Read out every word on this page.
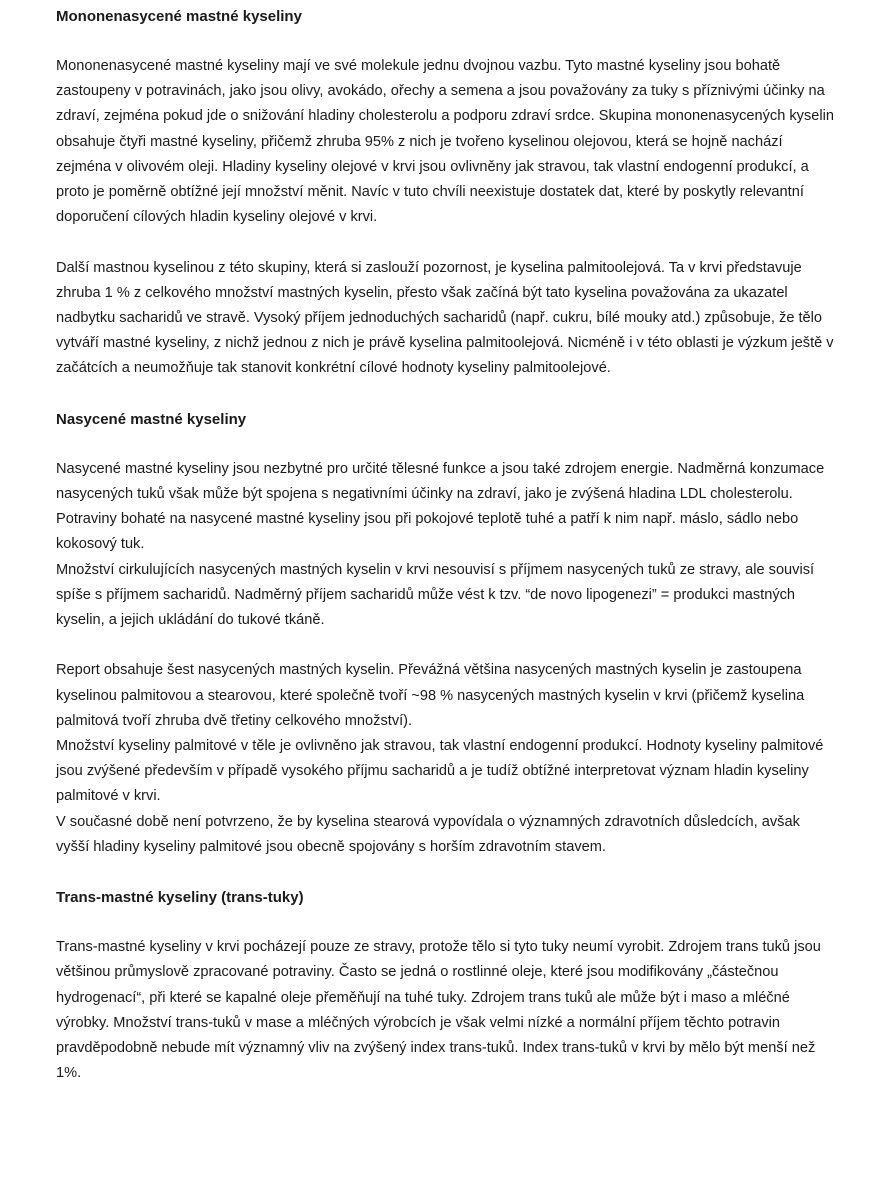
Mononenasycené mastné kyseliny

Mononenasycené mastné kyseliny mají ve své molekule jednu dvojnou vazbu. Tyto mastné kyseliny jsou bohatě zastoupeny v potravinách, jako jsou olivy, avokádo, ořechy a semena a jsou považovány za tuky s příznivými účinky na zdraví, zejména pokud jde o snižování hladiny cholesterolu a podporu zdraví srdce. Skupina mononenasycených kyselin obsahuje čtyři mastné kyseliny, přičemž zhruba 95% z nich je tvořeno kyselinou olejovou, která se hojně nachází zejména v olivovém oleji. Hladiny kyseliny olejové v krvi jsou ovlivněny jak stravou, tak vlastní endogenní produkcí, a proto je poměrně obtížné její množství měnit. Navíc v tuto chvíli neexistuje dostatek dat, které by poskytly relevantní doporučení cílových hladin kyseliny olejové v krvi.

Další mastnou kyselinou z této skupiny, která si zaslouží pozornost, je kyselina palmitoolejová. Ta v krvi představuje zhruba 1 % z celkového množství mastných kyselin, přesto však začíná být tato kyselina považována za ukazatel nadbytku sacharidů ve stravě. Vysoký příjem jednoduchých sacharidů (např. cukru, bílé mouky atd.) způsobuje, že tělo vytváří mastné kyseliny, z nichž jednou z nich je právě kyselina palmitoolejová. Nicméně i v této oblasti je výzkum ještě v začátcích a neumožňuje tak stanovit konkrétní cílové hodnoty kyseliny palmitoolejové.

Nasycené mastné kyseliny

Nasycené mastné kyseliny jsou nezbytné pro určité tělesné funkce a jsou také zdrojem energie. Nadměrná konzumace nasycených tuků však může být spojena s negativními účinky na zdraví, jako je zvýšená hladina LDL cholesterolu.

Potraviny bohaté na nasycené mastné kyseliny jsou při pokojové teplotě tuhé a patří k nim např. máslo, sádlo nebo kokosový tuk.

Množství cirkulujících nasycených mastných kyselin v krvi nesouvisí s příjmem nasycených tuků ze stravy, ale souvisí spíše s příjmem sacharidů. Nadměrný příjem sacharidů může vést k tzv. “de novo lipogenezi” = produkci mastných kyselin, a jejich ukládání do tukové tkáně.

Report obsahuje šest nasycených mastných kyselin. Převážná většina nasycených mastných kyselin je zastoupena kyselinou palmitovou a stearovou, které společně tvoří ~98 % nasycených mastných kyselin v krvi (přičemž kyselina palmitová tvoří zhruba dvě třetiny celkového množství).

Množství kyseliny palmitové v těle je ovlivněno jak stravou, tak vlastní endogenní produkcí. Hodnoty kyseliny palmitové jsou zvýšené především v případě vysokého příjmu sacharidů a je tudíž obtížné interpretovat význam hladin kyseliny palmitové v krvi.

V současné době není potvrzeno, že by kyselina stearová vypovídala o významných zdravotních důsledcích, avšak vyšší hladiny kyseliny palmitové jsou obecně spojovány s horším zdravotním stavem.

Trans-mastné kyseliny (trans-tuky)

Trans-mastné kyseliny v krvi pocházejí pouze ze stravy, protože tělo si tyto tuky neumí vyrobit. Zdrojem trans tuků jsou většinou průmyslově zpracované potraviny. Často se jedná o rostlinné oleje, které jsou modifikovány „částečnou hydrogenací“, při které se kapalné oleje přeměňují na tuhé tuky. Zdrojem trans tuků ale může být i maso a mléčné výrobky. Množství trans-tuků v mase a mléčných výrobcích je však velmi nízké a normální příjem těchto potravin pravděpodobně nebude mít významný vliv na zvýšený index trans-tuků. Index trans-tuků v krvi by mělo být menší než 1%.
